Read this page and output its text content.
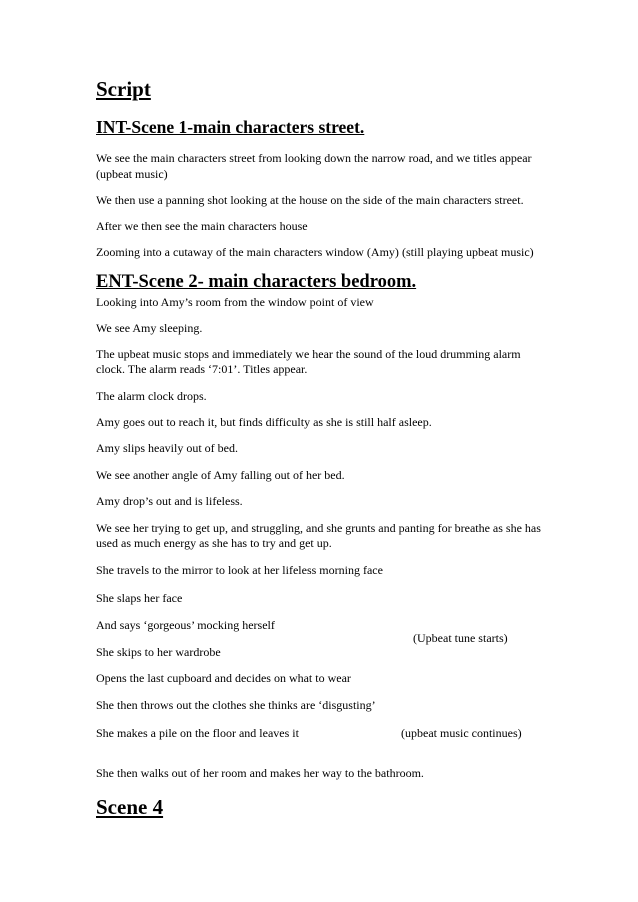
Script
INT-Scene 1-main characters street.
We see the main characters street from looking down the narrow road, and we titles appear
(upbeat music)
We then use a panning shot looking at the house on the side of the main characters street.
After we then see the main characters house
Zooming into a cutaway of the main characters window (Amy) (still playing upbeat music)
ENT-Scene 2- main characters bedroom.
Looking into Amy’s room from the window point of view
We see Amy sleeping.
The upbeat music stops and immediately we hear the sound of the loud drumming alarm
clock. The alarm reads ‘7:01’. Titles appear.
The alarm clock drops.
Amy goes out to reach it, but finds difficulty as she is still half asleep.
Amy slips heavily out of bed.
We see another angle of Amy falling out of her bed.
Amy drop’s out and is lifeless.
We see her trying to get up, and struggling, and she grunts and panting for breathe as she has
used as much energy as she has to try and get up.
She travels to the mirror to look at her lifeless morning face
She slaps her face
And says ‘gorgeous’ mocking herself
(Upbeat tune starts)
She skips to her wardrobe
Opens the last cupboard and decides on what to wear
She then throws out the clothes she thinks are ‘disgusting’
She makes a pile on the floor and leaves it	(upbeat music continues)
She then walks out of her room and makes her way to the bathroom.
Scene 4
